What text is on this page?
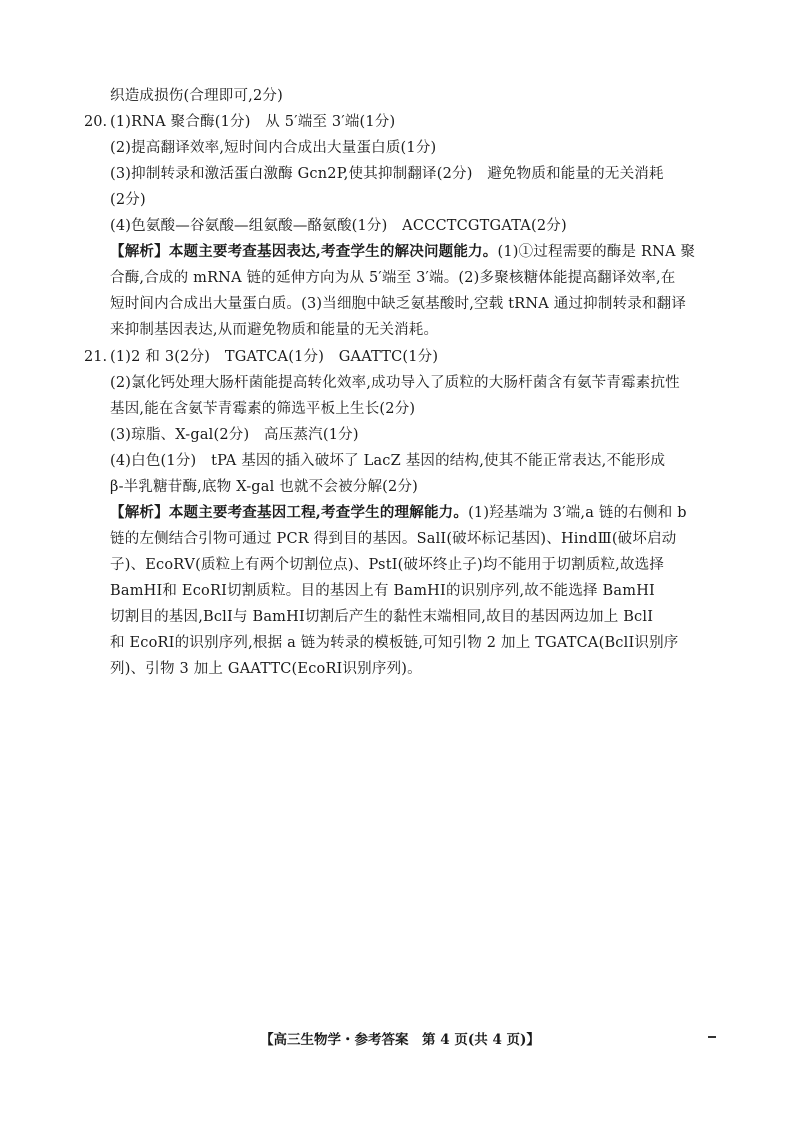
织造成损伤(合理即可,2分)
20. (1)RNA 聚合酶(1分)　从 5′端至 3′端(1分)
(2)提高翻译效率,短时间内合成出大量蛋白质(1分)
(3)抑制转录和激活蛋白激酶 Gcn2P,使其抑制翻译(2分)　避免物质和能量的无关消耗
(2分)
(4)色氨酸—谷氨酸—组氨酸—酪氨酸(1分)　ACCCTCGTGATA(2分)
【解析】本题主要考查基因表达,考查学生的解决问题能力。(1)①过程需要的酶是 RNA 聚
合酶,合成的 mRNA 链的延伸方向为从 5′端至 3′端。(2)多聚核糖体能提高翻译效率,在
短时间内合成出大量蛋白质。(3)当细胞中缺乏氨基酸时,空载 tRNA 通过抑制转录和翻译
来抑制基因表达,从而避免物质和能量的无关消耗。
21. (1)2 和 3(2分)　TGATCA(1分)　GAATTC(1分)
(2)氯化钙处理大肠杆菌能提高转化效率,成功导入了质粒的大肠杆菌含有氨苄青霉素抗性
基因,能在含氨苄青霉素的筛选平板上生长(2分)
(3)琼脂、X-gal(2分)　高压蒸汽(1分)
(4)白色(1分)　tPA 基因的插入破坏了 LacZ 基因的结构,使其不能正常表达,不能形成
β-半乳糖苷酶,底物 X-gal 也就不会被分解(2分)
【解析】本题主要考查基因工程,考查学生的理解能力。(1)羟基端为 3′端,a 链的右侧和 b
链的左侧结合引物可通过 PCR 得到目的基因。SalⅠ(破坏标记基因)、HindⅢ(破坏启动
子)、EcoRⅤ(质粒上有两个切割位点)、PstⅠ(破坏终止子)均不能用于切割质粒,故选择
BamHⅠ和 EcoRⅠ切割质粒。目的基因上有 BamHⅠ的识别序列,故不能选择 BamHⅠ
切割目的基因,BclⅠ与 BamHⅠ切割后产生的黏性末端相同,故目的基因两边加上 BclⅠ
和 EcoRⅠ的识别序列,根据 a 链为转录的模板链,可知引物 2 加上 TGATCA(BclⅠ识别序
列)、引物 3 加上 GAATTC(EcoRⅠ识别序列)。
【高三生物学・参考答案　第 4 页(共 4 页)】
